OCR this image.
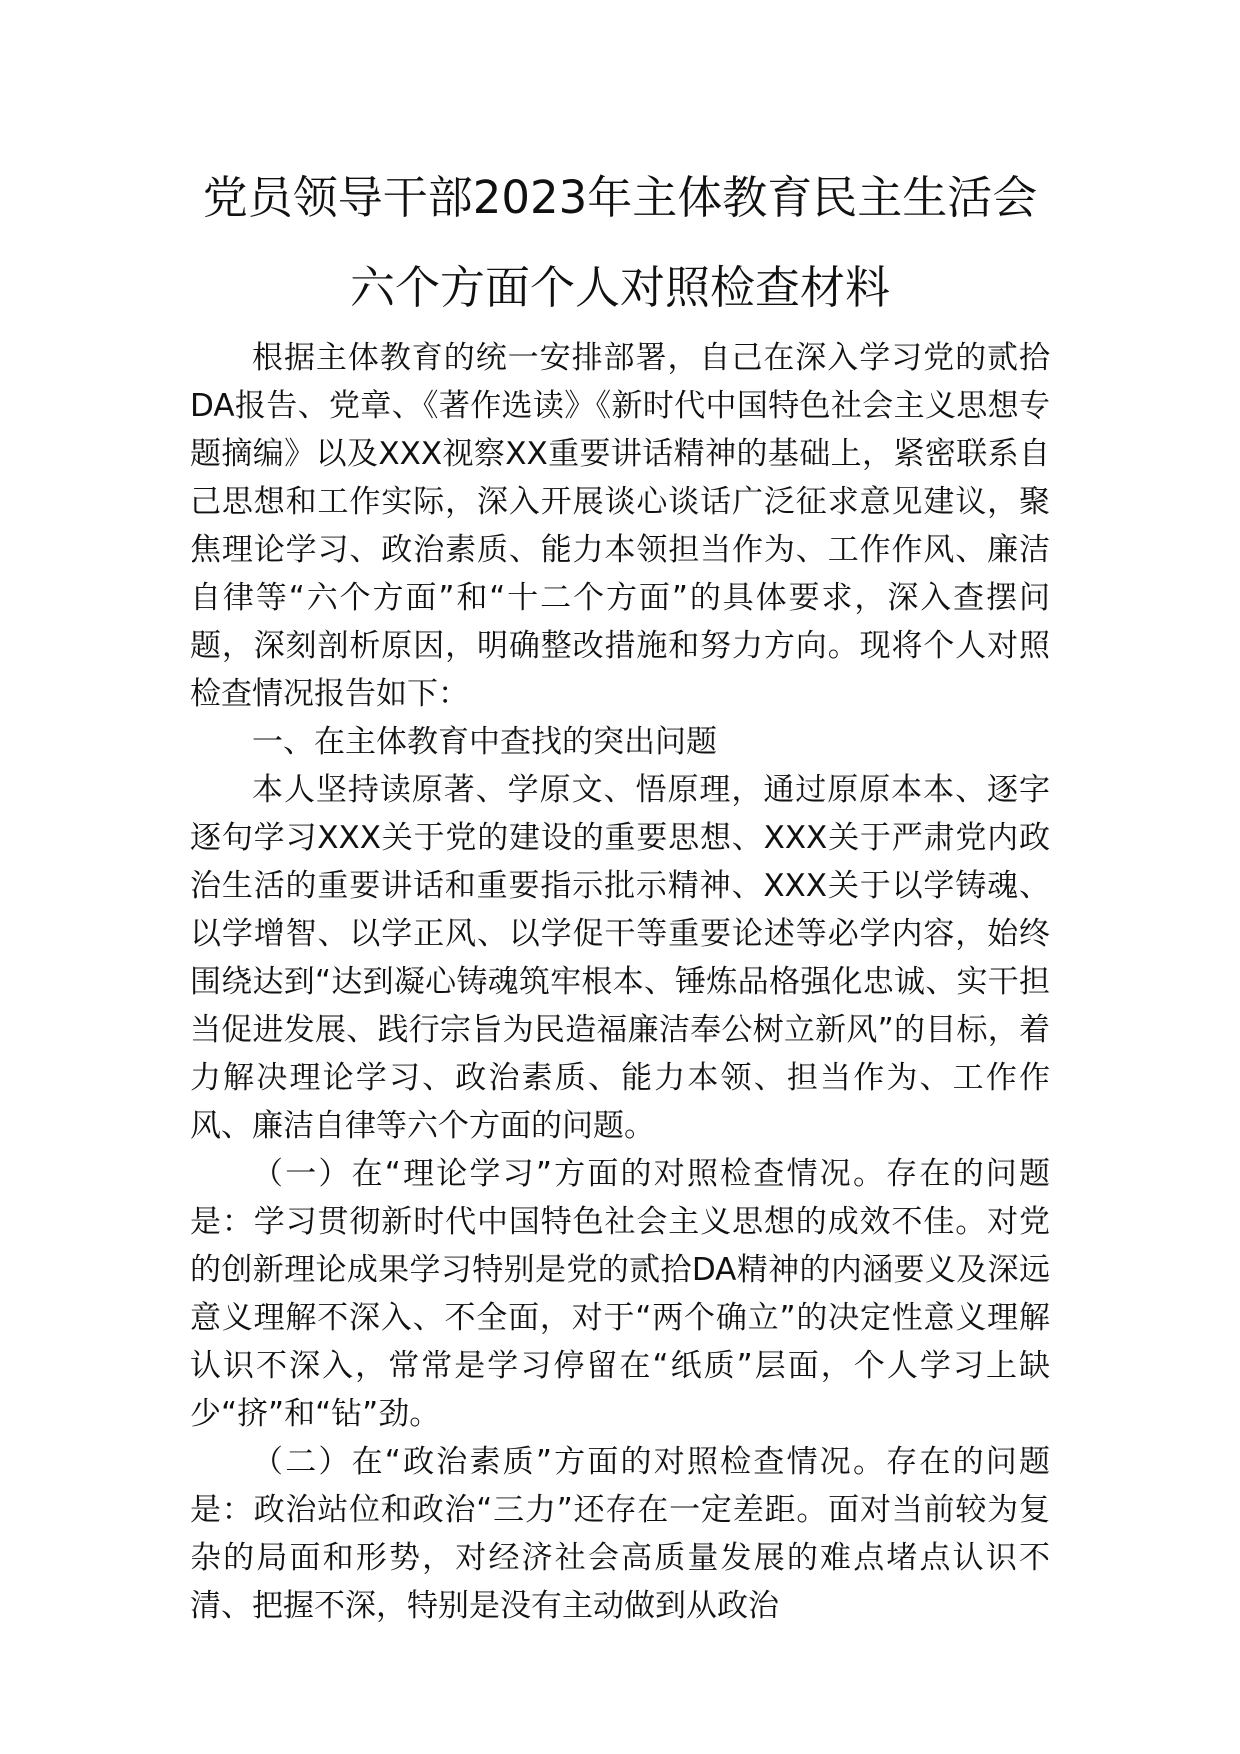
党员领导干部2023年主体教育民主生活会
六个方面个人对照检查材料

根据主体教育的统一安排部署，自己在深入学习党的贰拾DA报告、党章、《著作选读》《新时代中国特色社会主义思想专题摘编》以及XXX视察XX重要讲话精神的基础上，紧密联系自己思想和工作实际，深入开展谈心谈话广泛征求意见建议，聚焦理论学习、政治素质、能力本领担当作为、工作作风、廉洁自律等“六个方面”和“十二个方面”的具体要求，深入查摆问题，深刻剖析原因，明确整改措施和努力方向。现将个人对照检查情况报告如下：

一、在主体教育中查找的突出问题

本人坚持读原著、学原文、悟原理，通过原原本本、逐字逐句学习XXX关于党的建设的重要思想、XXX关于严肃党内政治生活的重要讲话和重要指示批示精神、XXX关于以学铸魂、以学增智、以学正风、以学促干等重要论述等必学内容，始终围绕达到“达到凝心铸魂筑牢根本、锤炼品格强化忠诚、实干担当促进发展、践行宗旨为民造福廉洁奉公树立新风”的目标，着力解决理论学习、政治素质、能力本领、担当作为、工作作风、廉洁自律等六个方面的问题。

（一）在“理论学习”方面的对照检查情况。存在的问题是：学习贯彻新时代中国特色社会主义思想的成效不佳。对党的创新理论成果学习特别是党的贰拾DA精神的内涵要义及深远意义理解不深入、不全面，对于“两个确立”的决定性意义理解认识不深入，常常是学习停留在“纸质”层面，个人学习上缺少“挤”和“钻”劲。

（二）在“政治素质”方面的对照检查情况。存在的问题是：政治站位和政治“三力”还存在一定差距。面对当前较为复杂的局面和形势，对经济社会高质量发展的难点堵点认识不清、把握不深，特别是没有主动做到从政治
